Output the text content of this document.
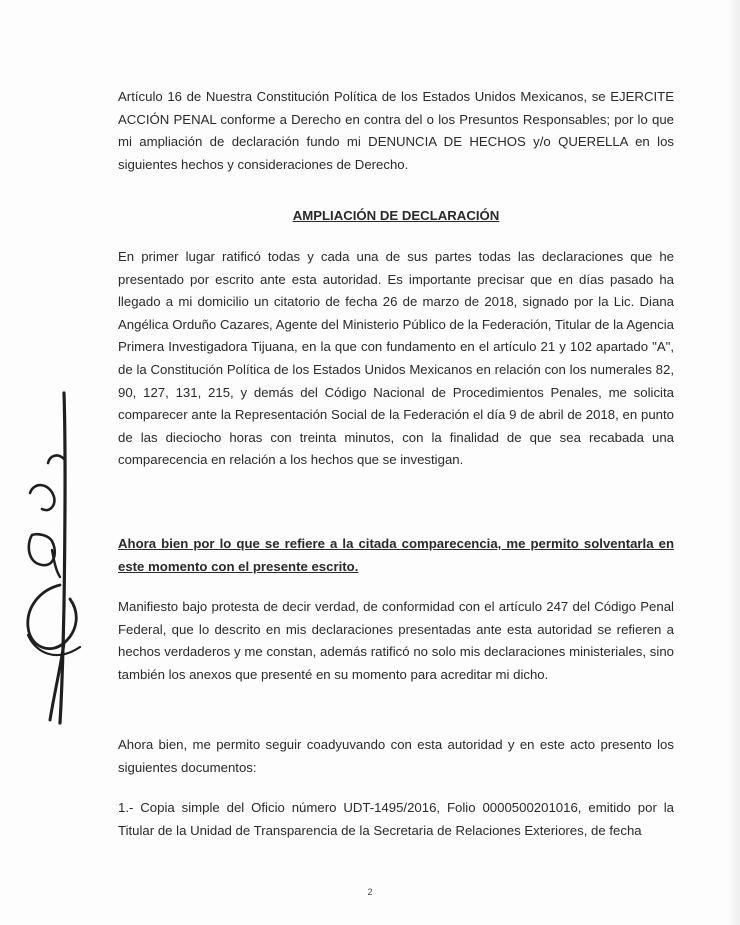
Artículo 16 de Nuestra Constitución Política de los Estados Unidos Mexicanos, se EJERCITE ACCIÓN PENAL conforme a Derecho en contra del o los Presuntos Responsables; por lo que mi ampliación de declaración fundo mi DENUNCIA DE HECHOS y/o QUERELLA en los siguientes hechos y consideraciones de Derecho.

AMPLIACIÓN DE DECLARACIÓN

En primer lugar ratificó todas y cada una de sus partes todas las declaraciones que he presentado por escrito ante esta autoridad. Es importante precisar que en días pasado ha llegado a mi domicilio un citatorio de fecha 26 de marzo de 2018, signado por la Lic. Diana Angélica Orduño Cazares, Agente del Ministerio Público de la Federación, Titular de la Agencia Primera Investigadora Tijuana, en la que con fundamento en el artículo 21 y 102 apartado "A", de la Constitución Política de los Estados Unidos Mexicanos en relación con los numerales 82, 90, 127, 131, 215, y demás del Código Nacional de Procedimientos Penales, me solicita comparecer ante la Representación Social de la Federación el día 9 de abril de 2018, en punto de las dieciocho horas con treinta minutos, con la finalidad de que sea recabada una comparecencia en relación a los hechos que se investigan.

Ahora bien por lo que se refiere a la citada comparecencia, me permito solventarla en este momento con el presente escrito.

Manifiesto bajo protesta de decir verdad, de conformidad con el artículo 247 del Código Penal Federal, que lo descrito en mis declaraciones presentadas ante esta autoridad se refieren a hechos verdaderos y me constan, además ratificó no solo mis declaraciones ministeriales, sino también los anexos que presenté en su momento para acreditar mi dicho.

Ahora bien, me permito seguir coadyuvando con esta autoridad y en este acto presento los siguientes documentos:

1.- Copia simple del Oficio número UDT-1495/2016, Folio 0000500201016, emitido por la Titular de la Unidad de Transparencia de la Secretaria de Relaciones Exteriores, de fecha

2
